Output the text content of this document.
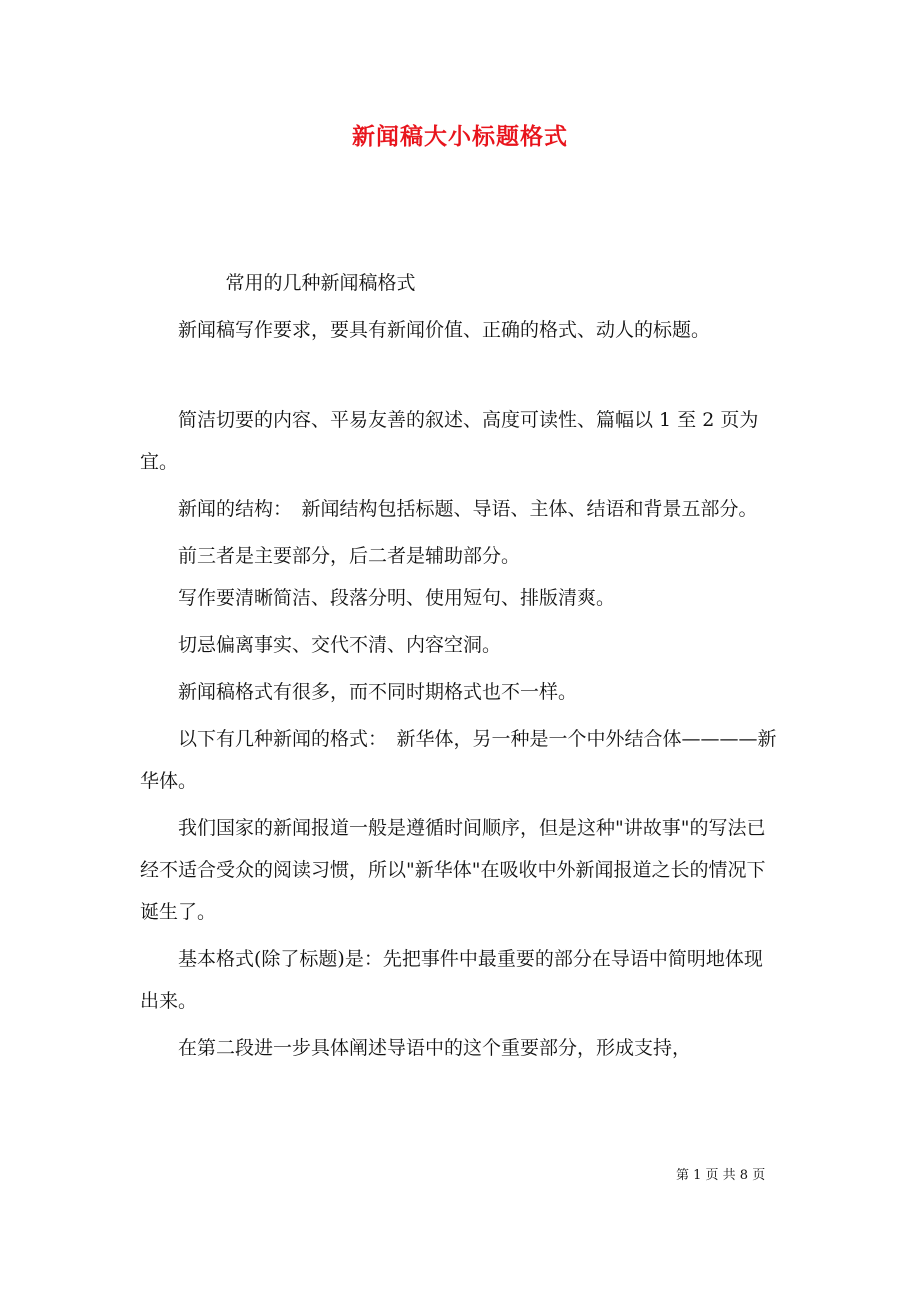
新闻稿大小标题格式

常用的几种新闻稿格式

新闻稿写作要求，要具有新闻价值、正确的格式、动人的标题。

简洁切要的内容、平易友善的叙述、高度可读性、篇幅以 1 至 2 页为宜。

新闻的结构：　新闻结构包括标题、导语、主体、结语和背景五部分。

前三者是主要部分，后二者是辅助部分。

写作要清晰简洁、段落分明、使用短句、排版清爽。

切忌偏离事实、交代不清、内容空洞。

新闻稿格式有很多，而不同时期格式也不一样。

以下有几种新闻的格式：　新华体，另一种是一个中外结合体————新华体。

我们国家的新闻报道一般是遵循时间顺序，但是这种"讲故事"的写法已经不适合受众的阅读习惯，所以"新华体"在吸收中外新闻报道之长的情况下诞生了。

基本格式(除了标题)是：先把事件中最重要的部分在导语中简明地体现出来。

在第二段进一步具体阐述导语中的这个重要部分，形成支持，

第 1 页 共 8 页
